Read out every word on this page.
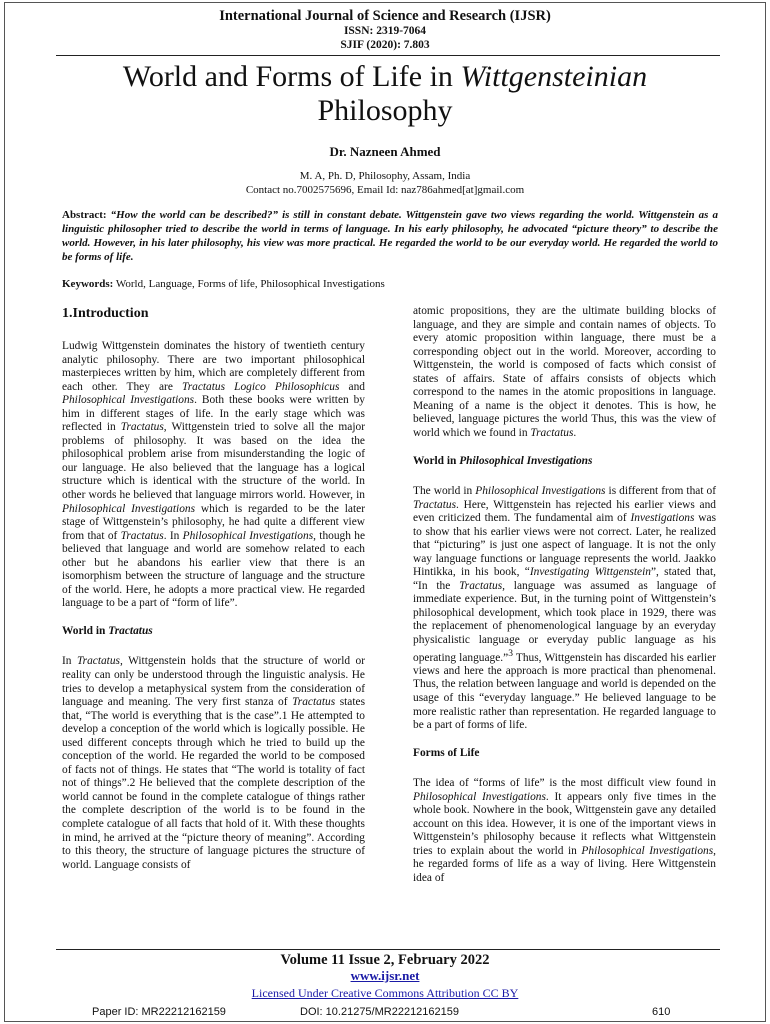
International Journal of Science and Research (IJSR)
ISSN: 2319-7064
SJIF (2020): 7.803
World and Forms of Life in Wittgensteinian
Philosophy
Dr. Nazneen Ahmed
M. A, Ph. D, Philosophy, Assam, India
Contact no.7002575696, Email Id: naz786ahmed[at]gmail.com
Abstract: “How the world can be described?” is still in constant debate. Wittgenstein gave two views regarding the world. Wittgenstein as a linguistic philosopher tried to describe the world in terms of language. In his early philosophy, he advocated “picture theory” to describe the world. However, in his later philosophy, his view was more practical. He regarded the world to be our everyday world. He regarded the world to be forms of life.
Keywords: World, Language, Forms of life, Philosophical Investigations
1.Introduction

Ludwig Wittgenstein dominates the history of twentieth century analytic philosophy. There are two important philosophical masterpieces written by him, which are completely different from each other. They are Tractatus Logico Philosophicus and Philosophical Investigations. Both these books were written by him in different stages of life. In the early stage which was reflected in Tractatus, Wittgenstein tried to solve all the major problems of philosophy. It was based on the idea the philosophical problem arise from misunderstanding the logic of our language. He also believed that the language has a logical structure which is identical with the structure of the world. In other words he believed that language mirrors world. However, in Philosophical Investigations which is regarded to be the later stage of Wittgenstein’s philosophy, he had quite a different view from that of Tractatus. In Philosophical Investigations, though he believed that language and world are somehow related to each other but he abandons his earlier view that there is an isomorphism between the structure of language and the structure of the world. Here, he adopts a more practical view. He regarded language to be a part of “form of life”.

World in Tractatus

In Tractatus, Wittgenstein holds that the structure of world or reality can only be understood through the linguistic analysis. He tries to develop a metaphysical system from the consideration of language and meaning. The very first stanza of Tractatus states that, “The world is everything that is the case”.1 He attempted to develop a conception of the world which is logically possible. He used different concepts through which he tried to build up the conception of the world. He regarded the world to be composed of facts not of things. He states that “The world is totality of fact not of things”.2 He believed that the complete description of the world cannot be found in the complete catalogue of things rather the complete description of the world is to be found in the complete catalogue of all facts that hold of it. With these thoughts in mind, he arrived at the “picture theory of meaning”. According to this theory, the structure of language pictures the structure of world. Language consists of

atomic propositions, they are the ultimate building blocks of language, and they are simple and contain names of objects. To every atomic proposition within language, there must be a corresponding object out in the world. Moreover, according to Wittgenstein, the world is composed of facts which consist of states of affairs. State of affairs consists of objects which correspond to the names in the atomic propositions in language. Meaning of a name is the object it denotes. This is how, he believed, language pictures the world Thus, this was the view of world which we found in Tractatus.

World in Philosophical Investigations

The world in Philosophical Investigations is different from that of Tractatus. Here, Wittgenstein has rejected his earlier views and even criticized them. The fundamental aim of Investigations was to show that his earlier views were not correct. Later, he realized that “picturing” is just one aspect of language. It is not the only way language functions or language represents the world. Jaakko Hintikka, in his book, “Investigating Wittgenstein”, stated that, “In the Tractatus, language was assumed as language of immediate experience. But, in the turning point of Wittgenstein’s philosophical development, which took place in 1929, there was the replacement of phenomenological language by an everyday physicalistic language or everyday public language as his operating language.”$^3$ Thus, Wittgenstein has discarded his earlier views and here the approach is more practical than phenomenal. Thus, the relation between language and world is depended on the usage of this “everyday language.” He believed language to be more realistic rather than representation. He regarded language to be a part of forms of life.

Forms of Life

The idea of “forms of life” is the most difficult view found in Philosophical Investigations. It appears only five times in the whole book. Nowhere in the book, Wittgenstein gave any detailed account on this idea. However, it is one of the important views in Wittgenstein’s philosophy because it reflects what Wittgenstein tries to explain about the world in Philosophical Investigations, he regarded forms of life as a way of living. Here Wittgenstein idea of

Volume 11 Issue 2, February 2022
www.ijsr.net
Licensed Under Creative Commons Attribution CC BY
Paper ID: MR22212162159	DOI: 10.21275/MR22212162159	610
